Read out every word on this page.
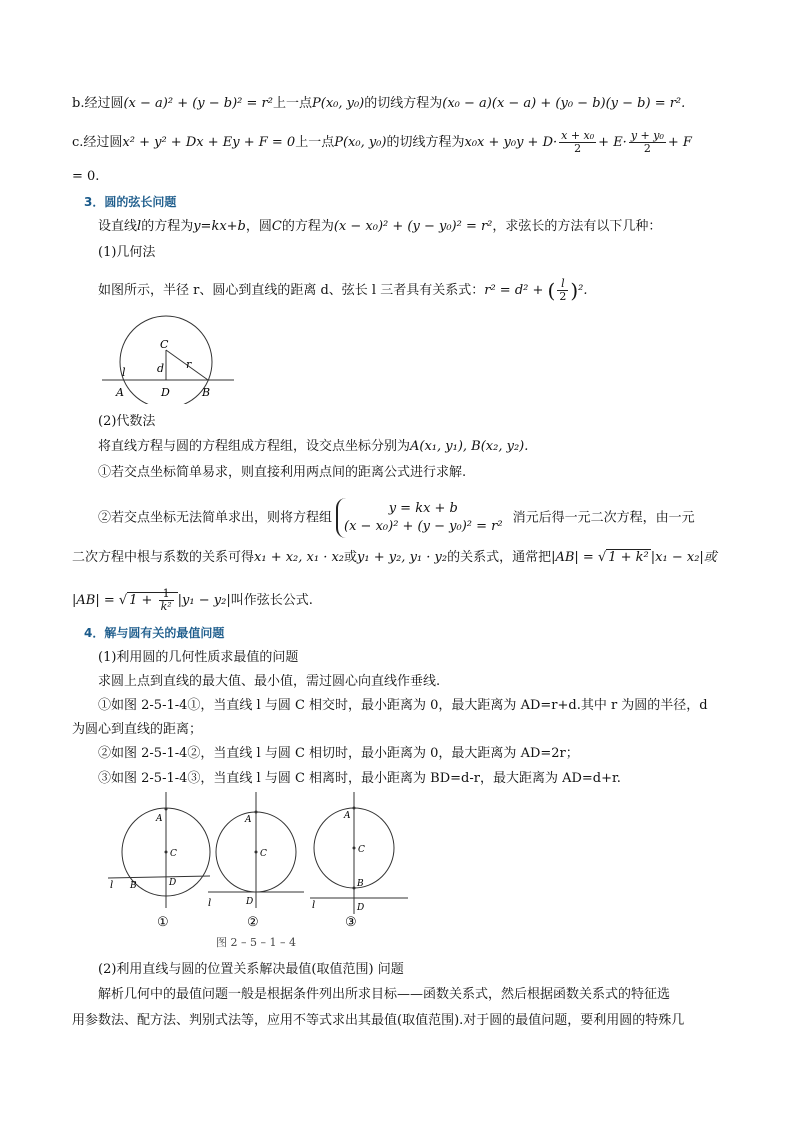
b.经过圆(x − a)² + (y − b)² = r²上一点P(x₀, y₀)的切线方程为(x₀ − a)(x − a) + (y₀ − b)(y − b) = r².
c.经过圆x² + y² + Dx + Ey + F = 0上一点P(x₀, y₀)的切线方程为$x_0x + y_0y + D\cdot \frac{\text{x + x₀}}{2} + E\cdot \frac{\text{y + y₀}}{2} + F$
= 0.
3．圆的弦长问题
设直线l的方程为y=kx+b，圆C的方程为(x − x₀)² + (y − y₀)² = r²，求弦长的方法有以下几种：
(1)几何法
如图所示，半径 r、圆心到直线的距离 d、弦长 l 三者具有关系式：r² = d² + ( $\frac{l}{2} )^2$.
C
r
d
l
A	D	B
(2)代数法
将直线方程与圆的方程组成方程组，设交点坐标分别为A(x₁, y₁), B(x₂, y₂).
①若交点坐标简单易求，则直接利用两点间的距离公式进行求解.
②若交点坐标无法简单求出，则将方程组
y = kx + b
(x − x₀)² + (y − y₀)² = r²
消元后得一元二次方程，由一元
二次方程中根与系数的关系可得x₁ + x₂, x₁ · x₂或y₁ + y₂, y₁ · y₂的关系式，通常把|AB| = √ 1 + k² |x₁ − x₂|或
|AB| = √ $1 + \frac{1}{\text{k²}} |y_1 - y_2|$叫作弦长公式.
4．解与圆有关的最值问题
(1)利用圆的几何性质求最值的问题
求圆上点到直线的最大值、最小值，需过圆心向直线作垂线.
①如图 2-5-1-4①，当直线 l 与圆 C 相交时，最小距离为 0，最大距离为 AD=r+d.其中 r 为圆的半径，d
为圆心到直线的距离；
②如图 2-5-1-4②，当直线 l 与圆 C 相切时，最小距离为 0，最大距离为 AD=2r；
③如图 2-5-1-4③，当直线 l 与圆 C 相离时，最小距离为 BD=d-r，最大距离为 AD=d+r.
A
C
B	D
l
①
A
C
D
l
②
A
C
B
D
l
③
图 2 – 5 – 1 – 4
(2)利用直线与圆的位置关系解决最值(取值范围) 问题
解析几何中的最值问题一般是根据条件列出所求目标——函数关系式，然后根据函数关系式的特征选
用参数法、配方法、判别式法等，应用不等式求出其最值(取值范围).对于圆的最值问题，要利用圆的特殊几
